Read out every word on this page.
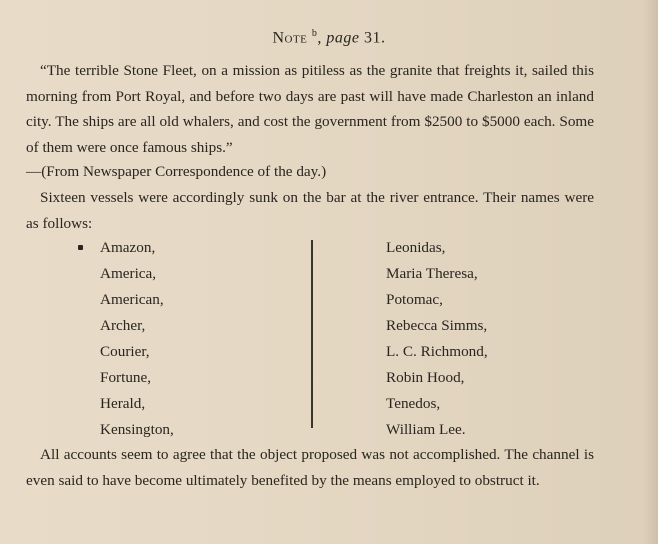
Note $^b$, page 31.
“The terrible Stone Fleet, on a mission as pitiless as the granite that freights it, sailed this morning from Port Royal, and before two days are past will have made Charleston an inland city. The ships are all old whalers, and cost the government from $2500 to $5000 each. Some of them were once famous ships.”
—(From Newspaper Correspondence of the day.)
Sixteen vessels were accordingly sunk on the bar at the river entrance. Their names were as follows:
Amazon,
America,
American,
Archer,
Courier,
Fortune,
Herald,
Kensington,
Leonidas,
Maria Theresa,
Potomac,
Rebecca Simms,
L. C. Richmond,
Robin Hood,
Tenedos,
William Lee.
All accounts seem to agree that the object proposed was not accomplished. The channel is even said to have become ultimately benefited by the means employed to obstruct it.
